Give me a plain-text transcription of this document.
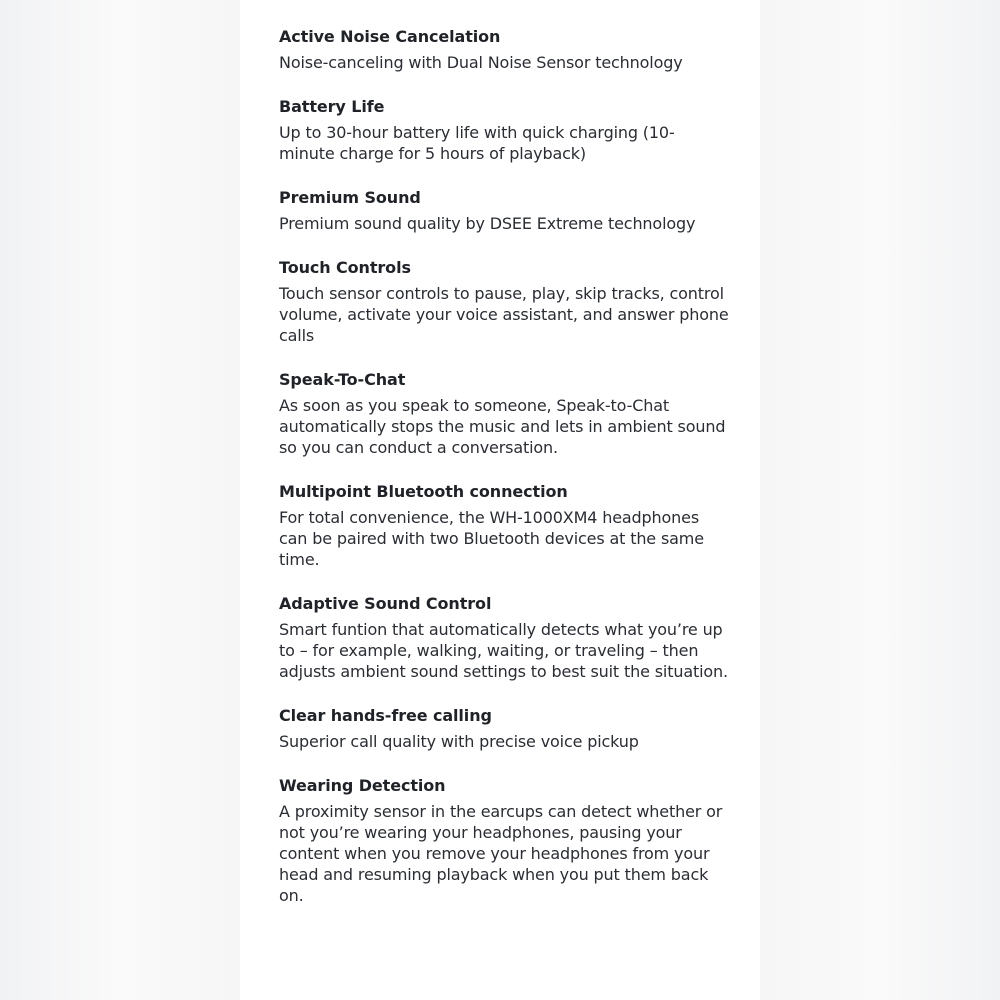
Active Noise Cancelation
Noise-canceling with Dual Noise Sensor technology
Battery Life
Up to 30-hour battery life with quick charging (10-minute charge for 5 hours of playback)
Premium Sound
Premium sound quality by DSEE Extreme technology
Touch Controls
Touch sensor controls to pause, play, skip tracks, control volume, activate your voice assistant, and answer phone calls
Speak-To-Chat
As soon as you speak to someone, Speak-to-Chat automatically stops the music and lets in ambient sound so you can conduct a conversation.
Multipoint Bluetooth connection
For total convenience, the WH-1000XM4 headphones can be paired with two Bluetooth devices at the same time.
Adaptive Sound Control
Smart funtion that automatically detects what you’re up to – for example, walking, waiting, or traveling – then adjusts ambient sound settings to best suit the situation.
Clear hands-free calling
Superior call quality with precise voice pickup
Wearing Detection
A proximity sensor in the earcups can detect whether or not you’re wearing your headphones, pausing your content when you remove your headphones from your head and resuming playback when you put them back on.
